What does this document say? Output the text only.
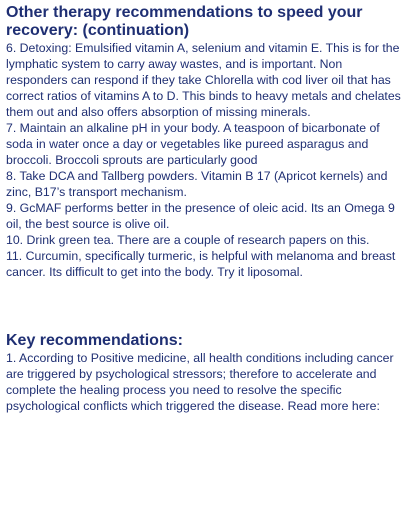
Other therapy recommendations to speed your recovery: (continuation)

6. Detoxing: Emulsified vitamin A, selenium and vitamin E. This is for the lymphatic system to carry away wastes, and is important. Non responders can respond if they take Chlorella with cod liver oil that has correct ratios of vitamins A to D. This binds to heavy metals and chelates them out and also offers absorption of missing minerals.

7. Maintain an alkaline pH in your body. A teaspoon of bicarbonate of soda in water once a day or vegetables like pureed asparagus and broccoli. Broccoli sprouts are particularly good

8. Take DCA and Tallberg powders. Vitamin B 17 (Apricot kernels) and zinc, B17’s transport mechanism.

9. GcMAF performs better in the presence of oleic acid. Its an Omega 9 oil, the best source is olive oil.

10. Drink green tea. There are a couple of research papers on this.

11. Curcumin, specifically turmeric, is helpful with melanoma and breast cancer. Its difficult to get into the body. Try it liposomal.

Key recommendations:

1. According to Positive medicine, all health conditions including cancer are triggered by psychological stressors; therefore to accelerate and complete the healing process you need to resolve the specific psychological conflicts which triggered the disease. Read more here:
